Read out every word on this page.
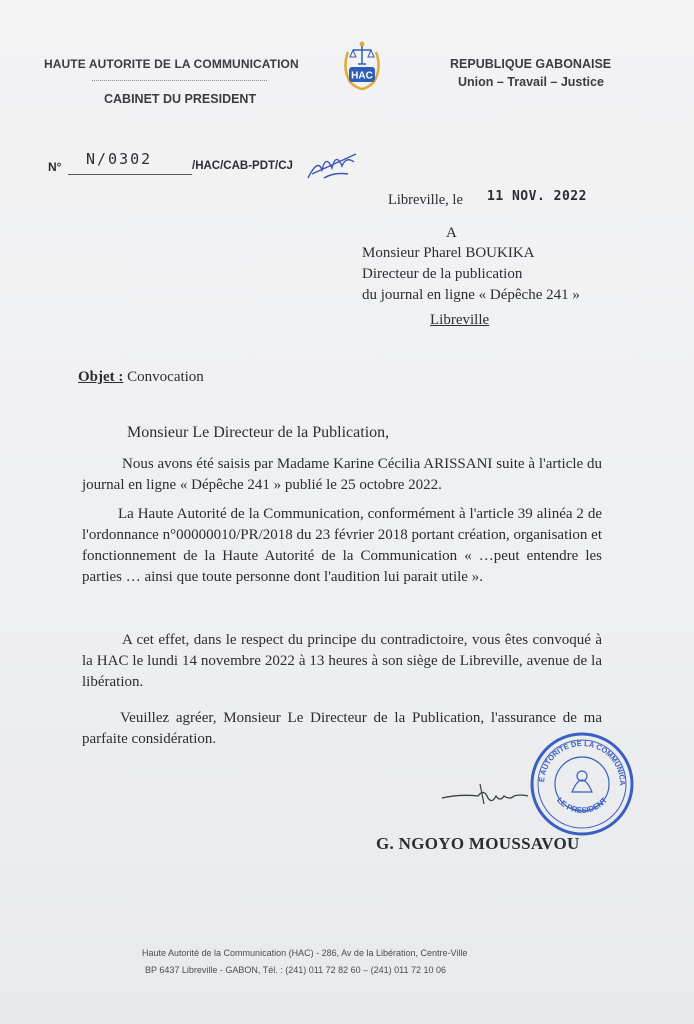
HAUTE AUTORITE DE LA COMMUNICATION
CABINET DU PRESIDENT
HAC
REPUBLIQUE GABONAISE
Union – Travail – Justice
N° N/0302	/HAC/CAB-PDT/CJ
Libreville, le 11 NOV. 2022
A
Monsieur Pharel BOUKIKA
Directeur de la publication
du journal en ligne « Dépêche 241 »
Libreville
Objet : Convocation
Monsieur Le Directeur de la Publication,
Nous avons été saisis par Madame Karine Cécilia ARISSANI suite à l'article du journal en ligne « Dépêche 241 » publié le 25 octobre 2022.
La Haute Autorité de la Communication, conformément à l'article 39 alinéa 2 de l'ordonnance n°00000010/PR/2018 du 23 février 2018 portant création, organisation et fonctionnement de la Haute Autorité de la Communication « …peut entendre les parties … ainsi que toute personne dont l'audition lui parait utile ».
A cet effet, dans le respect du principe du contradictoire, vous êtes convoqué à la HAC le lundi 14 novembre 2022 à 13 heures à son siège de Libreville, avenue de la libération.
Veuillez agréer, Monsieur Le Directeur de la Publication, l'assurance de ma parfaite considération.
E AUTORITE DE LA COMMUNICA
LE PRESIDENT
G. NGOYO MOUSSAVOU
Haute Autorité de la Communication (HAC) - 286, Av de la Libération, Centre-Ville
BP 6437 Libreville - GABON, Tél. : (241) 011 72 82 60 – (241) 011 72 10 06
